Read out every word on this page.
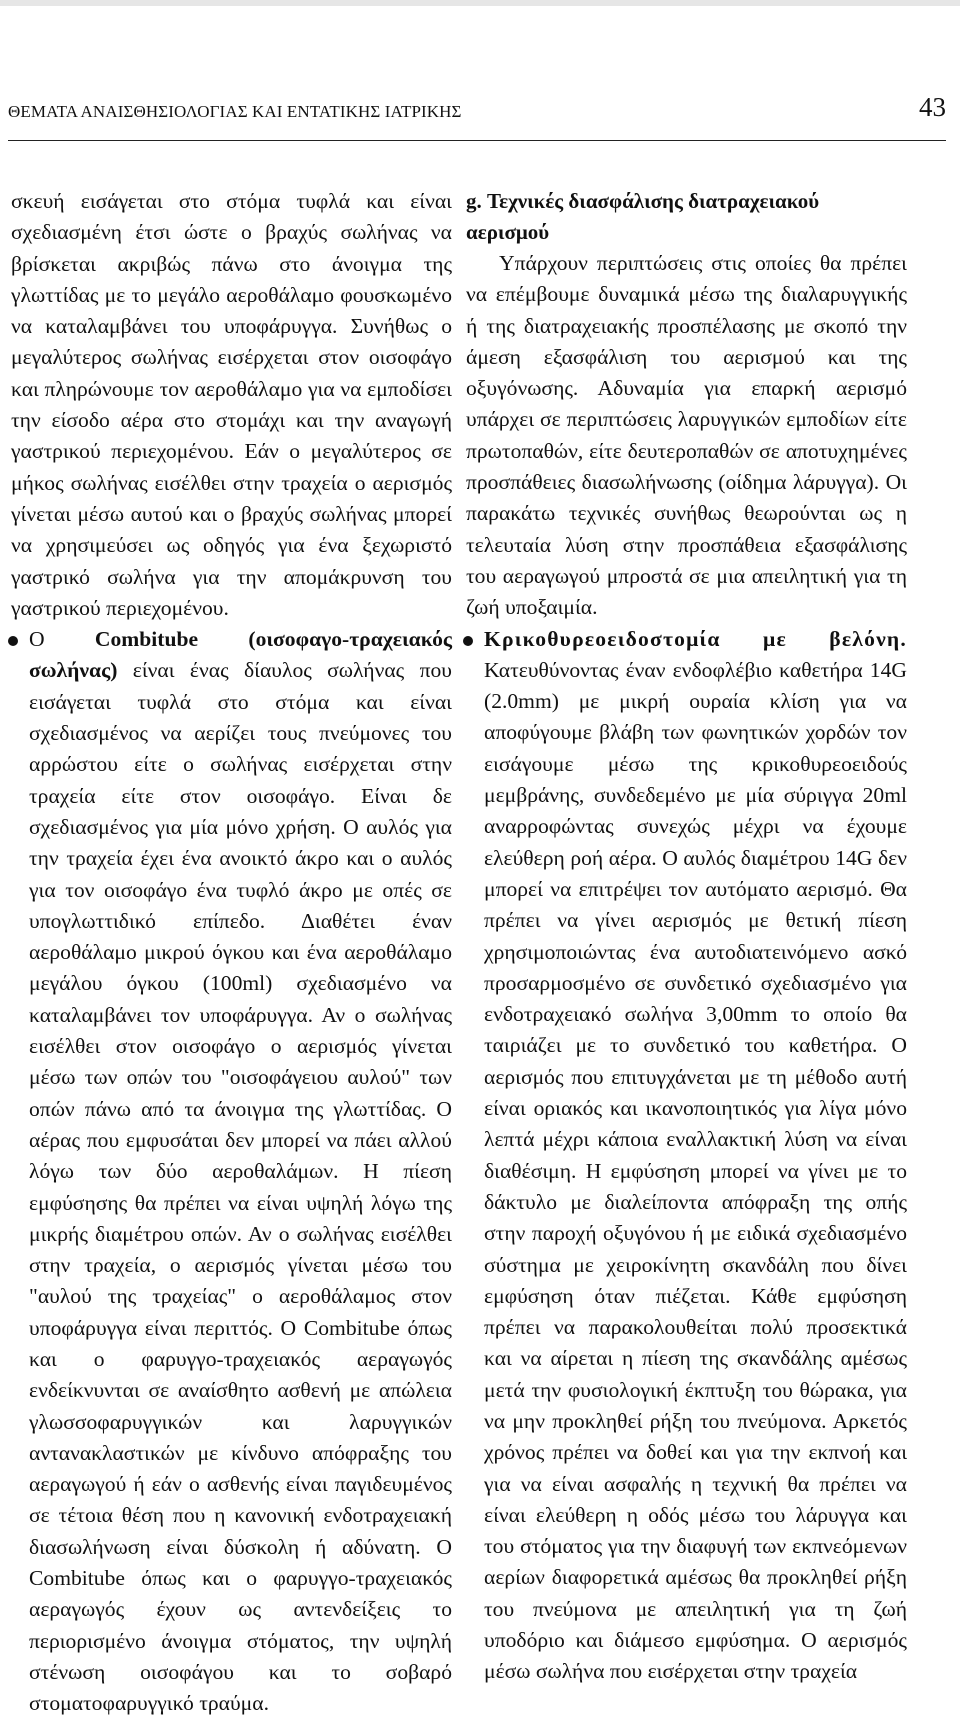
ΘΕΜΑΤΑ ΑΝΑΙΣΘΗΣΙΟΛΟΓΙΑΣ ΚΑΙ ΕΝΤΑΤΙΚΗΣ ΙΑΤΡΙΚΗΣ	43

σκευή εισάγεται στο στόμα τυφλά και είναι σχεδιασμένη έτσι ώστε ο βραχύς σωλήνας να βρίσκεται ακριβώς πάνω στο άνοιγμα της γλωττίδας με το μεγάλο αεροθάλαμο φουσκωμένο να καταλαμβάνει του υποφάρυγγα. Συνήθως ο μεγαλύτερος σωλήνας εισέρχεται στον οισοφάγο και πληρώνουμε τον αεροθάλαμο για να εμποδίσει την είσοδο αέρα στο στομάχι και την αναγωγή γαστρικού περιεχομένου. Εάν ο μεγαλύτερος σε μήκος σωλήνας εισέλθει στην τραχεία ο αερισμός γίνεται μέσω αυτού και ο βραχύς σωλήνας μπορεί να χρησιμεύσει ως οδηγός για ένα ξεχωριστό γαστρικό σωλήνα για την απομάκρυνση του γαστρικού περιεχομένου.

Ο Combitube (οισοφαγο-τραχειακός σωλήνας) είναι ένας δίαυλος σωλήνας που εισάγεται τυφλά στο στόμα και είναι σχεδιασμένος να αερίζει τους πνεύμονες του αρρώστου είτε ο σωλήνας εισέρχεται στην τραχεία είτε στον οισοφάγο. Είναι δε σχεδιασμένος για μία μόνο χρήση. Ο αυλός για την τραχεία έχει ένα ανοικτό άκρο και ο αυλός για τον οισοφάγο ένα τυφλό άκρο με οπές σε υπογλωττιδικό επίπεδο. Διαθέτει έναν αεροθάλαμο μικρού όγκου και ένα αεροθάλαμο μεγάλου όγκου (100ml) σχεδιασμένο να καταλαμβάνει τον υποφάρυγγα. Αν ο σωλήνας εισέλθει στον οισοφάγο ο αερισμός γίνεται μέσω των οπών του "οισοφάγειου αυλού" των οπών πάνω από τα άνοιγμα της γλωττίδας. Ο αέρας που εμφυσάται δεν μπορεί να πάει αλλού λόγω των δύο αεροθαλάμων. Η πίεση εμφύσησης θα πρέπει να είναι υψηλή λόγω της μικρής διαμέτρου οπών. Αν ο σωλήνας εισέλθει στην τραχεία, ο αερισμός γίνεται μέσω του "αυλού της τραχείας" ο αεροθάλαμος στον υποφάρυγγα είναι περιττός. Ο Combitube όπως και ο φαρυγγο-τραχειακός αεραγωγός ενδείκνυνται σε αναίσθητο ασθενή με απώλεια γλωσσοφαρυγγικών και λαρυγγικών αντανακλαστικών με κίνδυνο απόφραξης του αεραγωγού ή εάν ο ασθενής είναι παγιδευμένος σε τέτοια θέση που η κανονική ενδοτραχειακή διασωλήνωση είναι δύσκολη ή αδύνατη. Ο Combitube όπως και ο φαρυγγο-τραχειακός αεραγωγός έχουν ως αντενδείξεις το περιορισμένο άνοιγμα στόματος, την υψηλή στένωση οισοφάγου και το σοβαρό στοματοφαρυγγικό τραύμα.

g. Τεχνικές διασφάλισης διατραχειακού αερισμού

Υπάρχουν περιπτώσεις στις οποίες θα πρέπει να επέμβουμε δυναμικά μέσω της διαλαρυγγικής ή της διατραχειακής προσπέλασης με σκοπό την άμεση εξασφάλιση του αερισμού και της οξυγόνωσης. Αδυναμία για επαρκή αερισμό υπάρχει σε περιπτώσεις λαρυγγικών εμποδίων είτε πρωτοπαθών, είτε δευτεροπαθών σε αποτυχημένες προσπάθειες διασωλήνωσης (οίδημα λάρυγγα). Οι παρακάτω τεχνικές συνήθως θεωρούνται ως η τελευταία λύση στην προσπάθεια εξασφάλισης του αεραγωγού μπροστά σε μια απειλητική για τη ζωή υποξαιμία.

Κρικοθυρεοειδοστομία με βελόνη. Κατευθύνοντας έναν ενδοφλέβιο καθετήρα 14G (2.0mm) με μικρή ουραία κλίση για να αποφύγουμε βλάβη των φωνητικών χορδών τον εισάγουμε μέσω της κρικοθυρεοειδούς μεμβράνης, συνδεδεμένο με μία σύριγγα 20ml αναρροφώντας συνεχώς μέχρι να έχουμε ελεύθερη ροή αέρα. Ο αυλός διαμέτρου 14G δεν μπορεί να επιτρέψει τον αυτόματο αερισμό. Θα πρέπει να γίνει αερισμός με θετική πίεση χρησιμοποιώντας ένα αυτοδιατεινόμενο ασκό προσαρμοσμένο σε συνδετικό σχεδιασμένο για ενδοτραχειακό σωλήνα 3,00mm το οποίο θα ταιριάζει με το συνδετικό του καθετήρα. Ο αερισμός που επιτυγχάνεται με τη μέθοδο αυτή είναι οριακός και ικανοποιητικός για λίγα μόνο λεπτά μέχρι κάποια εναλλακτική λύση να είναι διαθέσιμη. Η εμφύσηση μπορεί να γίνει με το δάκτυλο με διαλείποντα απόφραξη της οπής στην παροχή οξυγόνου ή με ειδικά σχεδιασμένο σύστημα με χειροκίνητη σκανδάλη που δίνει εμφύσηση όταν πιέζεται. Κάθε εμφύσηση πρέπει να παρακολουθείται πολύ προσεκτικά και να αίρεται η πίεση της σκανδάλης αμέσως μετά την φυσιολογική έκπτυξη του θώρακα, για να μην προκληθεί ρήξη του πνεύμονα. Αρκετός χρόνος πρέπει να δοθεί και για την εκπνοή και για να είναι ασφαλής η τεχνική θα πρέπει να είναι ελεύθερη η οδός μέσω του λάρυγγα και του στόματος για την διαφυγή των εκπνεόμενων αερίων διαφορετικά αμέσως θα προκληθεί ρήξη του πνεύμονα με απειλητική για τη ζωή υποδόριο και διάμεσο εμφύσημα. Ο αερισμός μέσω σωλήνα που εισέρχεται στην τραχεία
